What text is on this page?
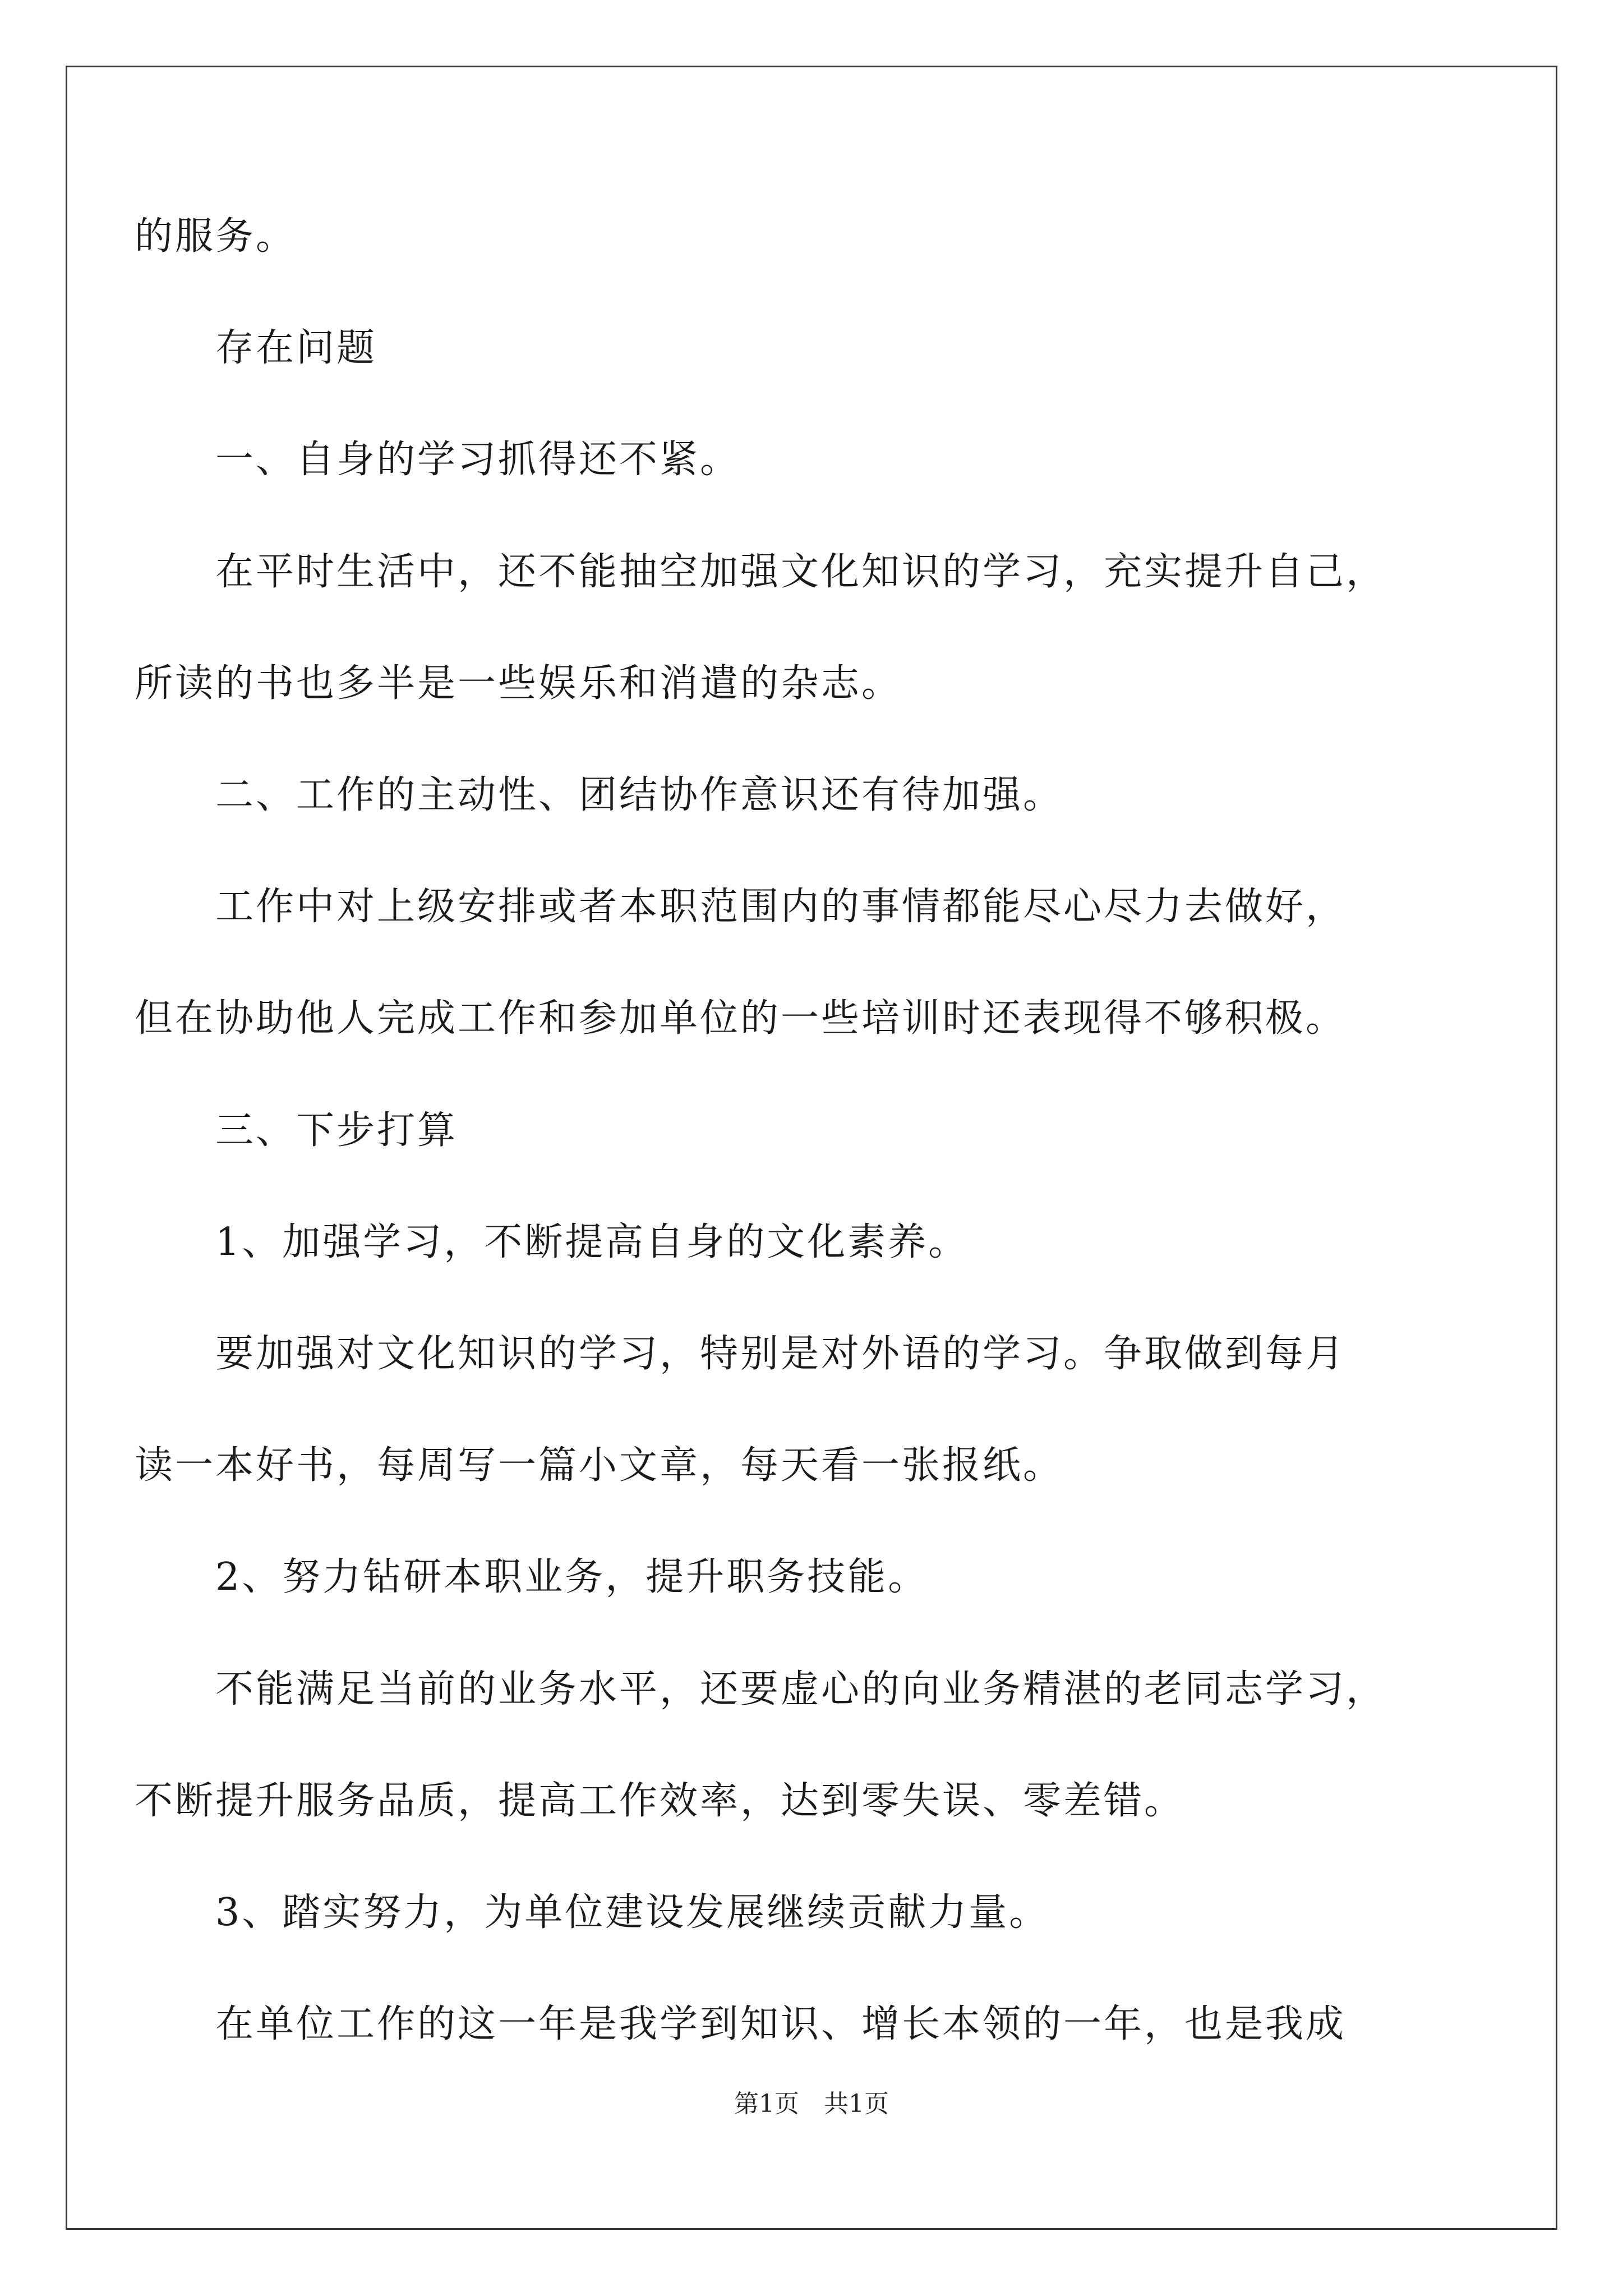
的服务。
存在问题
一、自身的学习抓得还不紧。
在平时生活中，还不能抽空加强文化知识的学习，充实提升自己，
所读的书也多半是一些娱乐和消遣的杂志。
二、工作的主动性、团结协作意识还有待加强。
工作中对上级安排或者本职范围内的事情都能尽心尽力去做好，
但在协助他人完成工作和参加单位的一些培训时还表现得不够积极。
三、下步打算
1、加强学习，不断提高自身的文化素养。
要加强对文化知识的学习，特别是对外语的学习。争取做到每月
读一本好书，每周写一篇小文章，每天看一张报纸。
2、努力钻研本职业务，提升职务技能。
不能满足当前的业务水平，还要虚心的向业务精湛的老同志学习，
不断提升服务品质，提高工作效率，达到零失误、零差错。
3、踏实努力，为单位建设发展继续贡献力量。
在单位工作的这一年是我学到知识、增长本领的一年，也是我成
第1页 共1页
